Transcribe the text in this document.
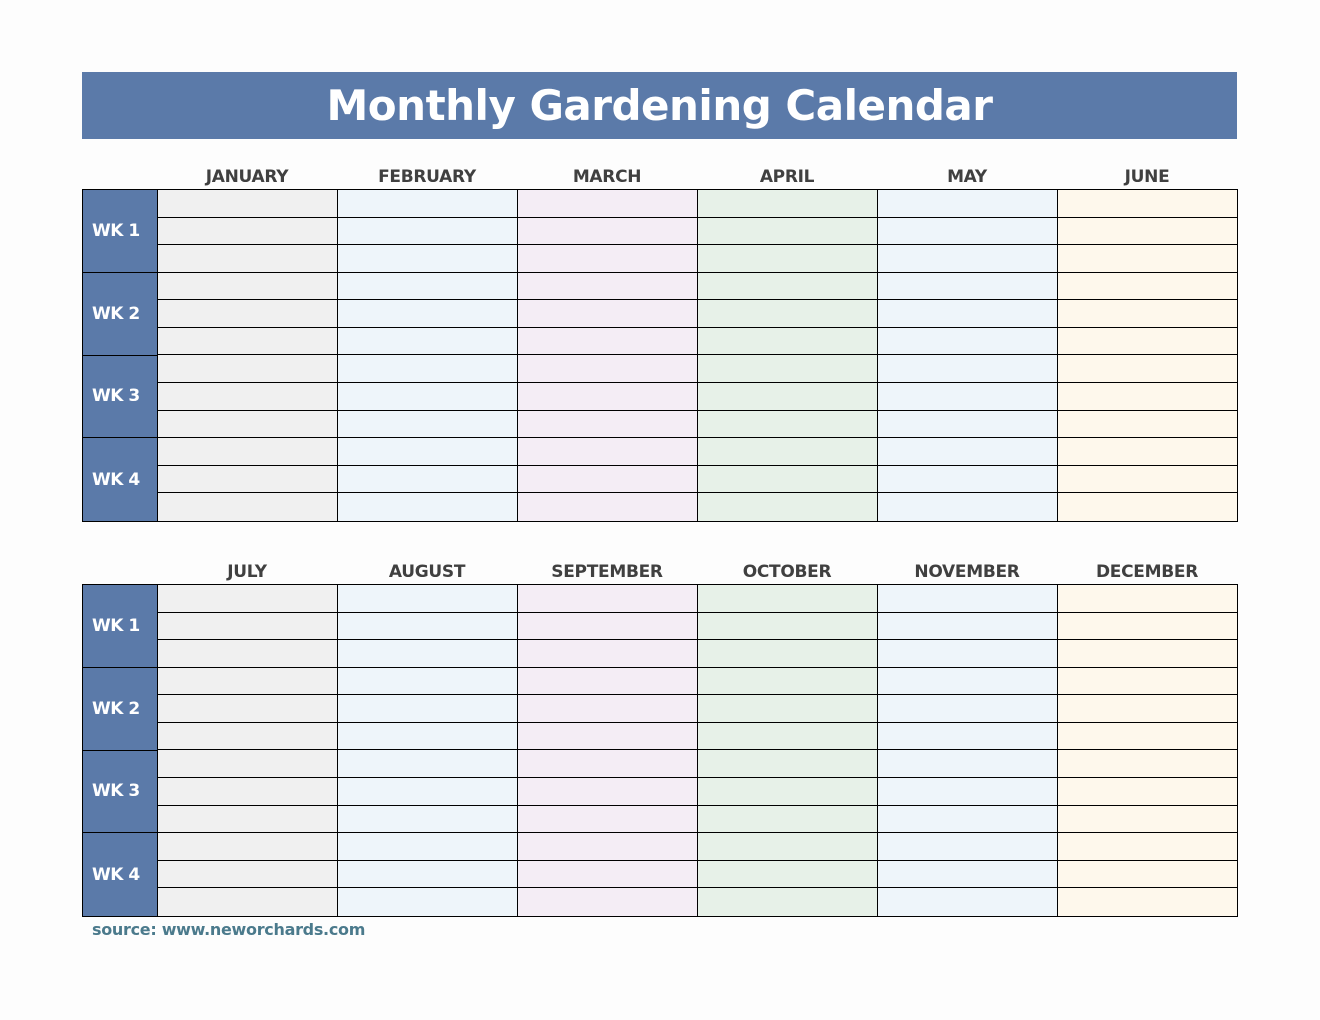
Monthly Gardening Calendar
JANUARY	FEBRUARY	MARCH	APRIL	MAY	JUNE
WK 1
WK 2
WK 3
WK 4
JULY	AUGUST	SEPTEMBER	OCTOBER	NOVEMBER	DECEMBER
WK 1
WK 2
WK 3
WK 4
source: www.neworchards.com
